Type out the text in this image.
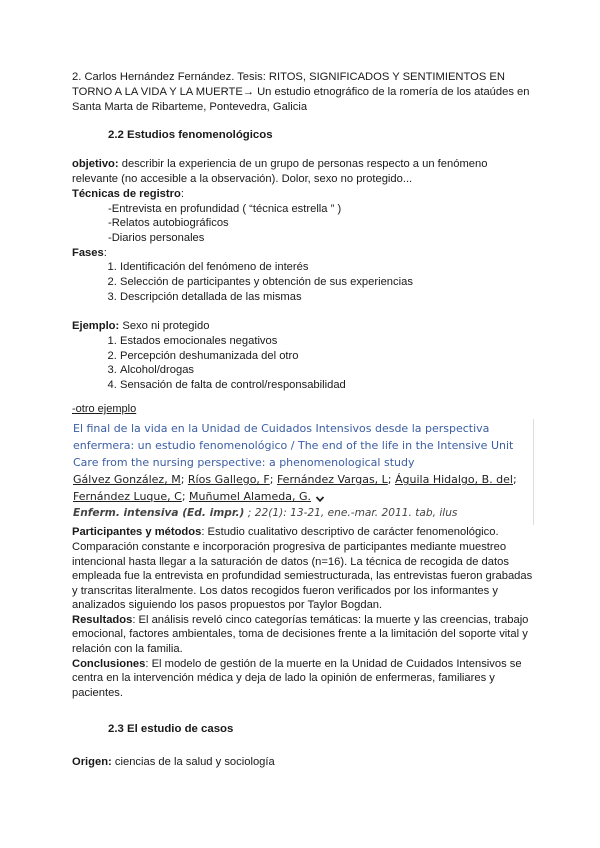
2. Carlos Hernández Fernández. Tesis: RITOS, SIGNIFICADOS Y SENTIMIENTOS EN TORNO A LA VIDA Y LA MUERTE→ Un estudio etnográfico de la romería de los ataúdes en Santa Marta de Ribarteme, Pontevedra, Galicia

2.2 Estudios fenomenológicos

objetivo: describir la experiencia de un grupo de personas respecto a un fenómeno relevante (no accesible a la observación). Dolor, sexo no protegido...

Técnicas de registro:

-Entrevista en profundidad ( “técnica estrella ” )
-Relatos autobiográficos
-Diarios personales

Fases:

1. Identificación del fenómeno de interés
2. Selección de participantes y obtención de sus experiencias
3. Descripción detallada de las mismas

Ejemplo: Sexo ni protegido

1. Estados emocionales negativos
2. Percepción deshumanizada del otro
3. Alcohol/drogas
4. Sensación de falta de control/responsabilidad

-otro ejemplo

El final de la vida en la Unidad de Cuidados Intensivos desde la perspectiva enfermera: un estudio fenomenológico / The end of the life in the Intensive Unit Care from the nursing perspective: a phenomenological study
Gálvez González, M; Ríos Gallego, F; Fernández Vargas, L; Águila Hidalgo, B. del; Fernández Luque, C; Muñumel Alameda, G.
Enferm. intensiva (Ed. impr.) ; 22(1): 13-21, ene.-mar. 2011. tab, ilus

Participantes y métodos: Estudio cualitativo descriptivo de carácter fenomenológico. Comparación constante e incorporación progresiva de participantes mediante muestreo intencional hasta llegar a la saturación de datos (n=16). La técnica de recogida de datos empleada fue la entrevista en profundidad semiestructurada, las entrevistas fueron grabadas y transcritas literalmente. Los datos recogidos fueron verificados por los informantes y analizados siguiendo los pasos propuestos por Taylor Bogdan.

Resultados: El análisis reveló cinco categorías temáticas: la muerte y las creencias, trabajo emocional, factores ambientales, toma de decisiones frente a la limitación del soporte vital y relación con la familia.

Conclusiones: El modelo de gestión de la muerte en la Unidad de Cuidados Intensivos se centra en la intervención médica y deja de lado la opinión de enfermeras, familiares y pacientes.

2.3 El estudio de casos

Origen: ciencias de la salud y sociología
